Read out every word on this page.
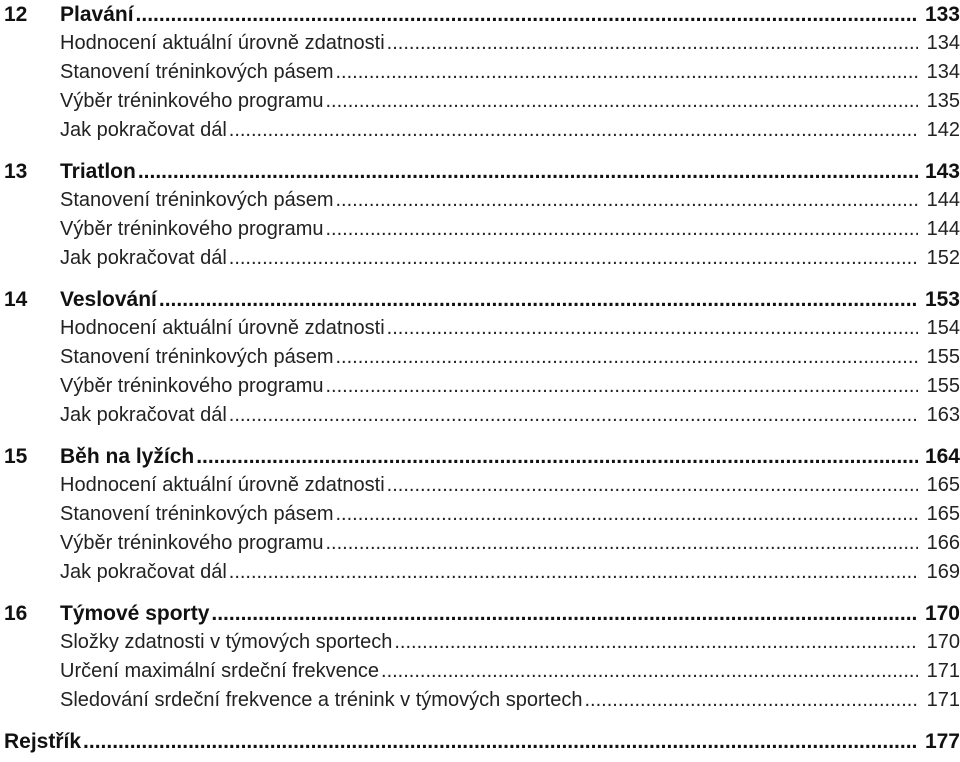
12	Plavání .....	133
Hodnocení aktuální úrovně zdatnosti .....	134
Stanovení tréninkových pásem .....	134
Výběr tréninkového programu .....	135
Jak pokračovat dál .....	142
13	Triatlon .....	143
Stanovení tréninkových pásem .....	144
Výběr tréninkového programu .....	144
Jak pokračovat dál .....	152
14	Veslování .....	153
Hodnocení aktuální úrovně zdatnosti .....	154
Stanovení tréninkových pásem .....	155
Výběr tréninkového programu .....	155
Jak pokračovat dál .....	163
15	Běh na lyžích .....	164
Hodnocení aktuální úrovně zdatnosti .....	165
Stanovení tréninkových pásem .....	165
Výběr tréninkového programu .....	166
Jak pokračovat dál .....	169
16	Týmové sporty .....	170
Složky zdatnosti v týmových sportech .....	170
Určení maximální srdeční frekvence .....	171
Sledování srdeční frekvence a trénink v týmových sportech .....	171
Rejstřík .....	177
